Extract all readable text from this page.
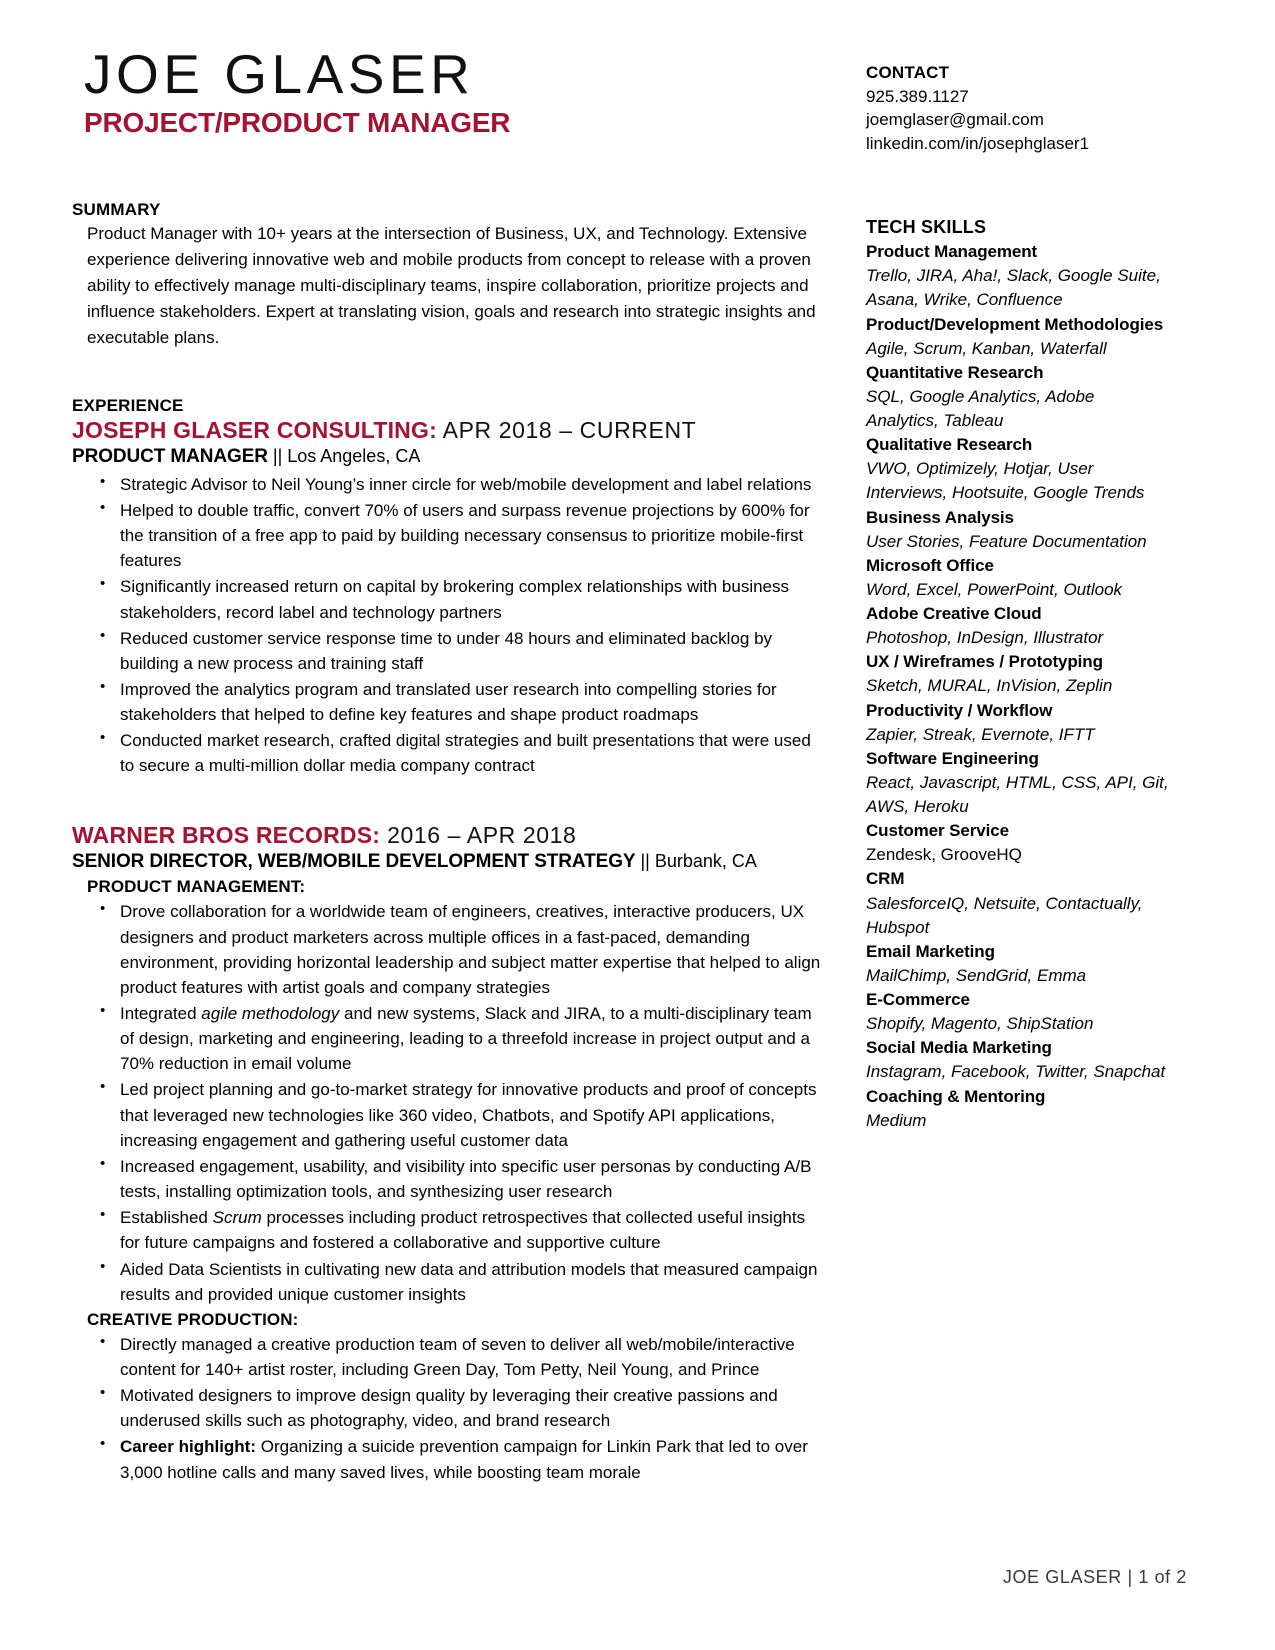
JOE GLASER
PROJECT/PRODUCT MANAGER
CONTACT
925.389.1127
joemglaser@gmail.com
linkedin.com/in/josephglaser1
SUMMARY
Product Manager with 10+ years at the intersection of Business, UX, and Technology. Extensive experience delivering innovative web and mobile products from concept to release with a proven ability to effectively manage multi-disciplinary teams, inspire collaboration, prioritize projects and influence stakeholders. Expert at translating vision, goals and research into strategic insights and executable plans.
EXPERIENCE
JOSEPH GLASER CONSULTING: APR 2018 – CURRENT
PRODUCT MANAGER || Los Angeles, CA
• Strategic Advisor to Neil Young’s inner circle for web/mobile development and label relations
• Helped to double traffic, convert 70% of users and surpass revenue projections by 600% for the transition of a free app to paid by building necessary consensus to prioritize mobile-first features
• Significantly increased return on capital by brokering complex relationships with business stakeholders, record label and technology partners
• Reduced customer service response time to under 48 hours and eliminated backlog by building a new process and training staff
• Improved the analytics program and translated user research into compelling stories for stakeholders that helped to define key features and shape product roadmaps
• Conducted market research, crafted digital strategies and built presentations that were used to secure a multi-million dollar media company contract
WARNER BROS RECORDS: 2016 – APR 2018
SENIOR DIRECTOR, WEB/MOBILE DEVELOPMENT STRATEGY || Burbank, CA
PRODUCT MANAGEMENT:
• Drove collaboration for a worldwide team of engineers, creatives, interactive producers, UX designers and product marketers across multiple offices in a fast-paced, demanding environment, providing horizontal leadership and subject matter expertise that helped to align product features with artist goals and company strategies
• Integrated agile methodology and new systems, Slack and JIRA, to a multi-disciplinary team of design, marketing and engineering, leading to a threefold increase in project output and a 70% reduction in email volume
• Led project planning and go-to-market strategy for innovative products and proof of concepts that leveraged new technologies like 360 video, Chatbots, and Spotify API applications, increasing engagement and gathering useful customer data
• Increased engagement, usability, and visibility into specific user personas by conducting A/B tests, installing optimization tools, and synthesizing user research
• Established Scrum processes including product retrospectives that collected useful insights for future campaigns and fostered a collaborative and supportive culture
• Aided Data Scientists in cultivating new data and attribution models that measured campaign results and provided unique customer insights
CREATIVE PRODUCTION:
• Directly managed a creative production team of seven to deliver all web/mobile/interactive content for 140+ artist roster, including Green Day, Tom Petty, Neil Young, and Prince
• Motivated designers to improve design quality by leveraging their creative passions and underused skills such as photography, video, and brand research
• Career highlight: Organizing a suicide prevention campaign for Linkin Park that led to over 3,000 hotline calls and many saved lives, while boosting team morale
TECH SKILLS
Product Management
Trello, JIRA, Aha!, Slack, Google Suite, Asana, Wrike, Confluence
Product/Development Methodologies
Agile, Scrum, Kanban, Waterfall
Quantitative Research
SQL, Google Analytics, Adobe Analytics, Tableau
Qualitative Research
VWO, Optimizely, Hotjar, User Interviews, Hootsuite, Google Trends
Business Analysis
User Stories, Feature Documentation
Microsoft Office
Word, Excel, PowerPoint, Outlook
Adobe Creative Cloud
Photoshop, InDesign, Illustrator
UX / Wireframes / Prototyping
Sketch, MURAL, InVision, Zeplin
Productivity / Workflow
Zapier, Streak, Evernote, IFTT
Software Engineering
React, Javascript, HTML, CSS, API, Git, AWS, Heroku
Customer Service
Zendesk, GrooveHQ
CRM
SalesforceIQ, Netsuite, Contactually, Hubspot
Email Marketing
MailChimp, SendGrid, Emma
E-Commerce
Shopify, Magento, ShipStation
Social Media Marketing
Instagram, Facebook, Twitter, Snapchat
Coaching & Mentoring
Medium
JOE GLASER | 1 of 2
